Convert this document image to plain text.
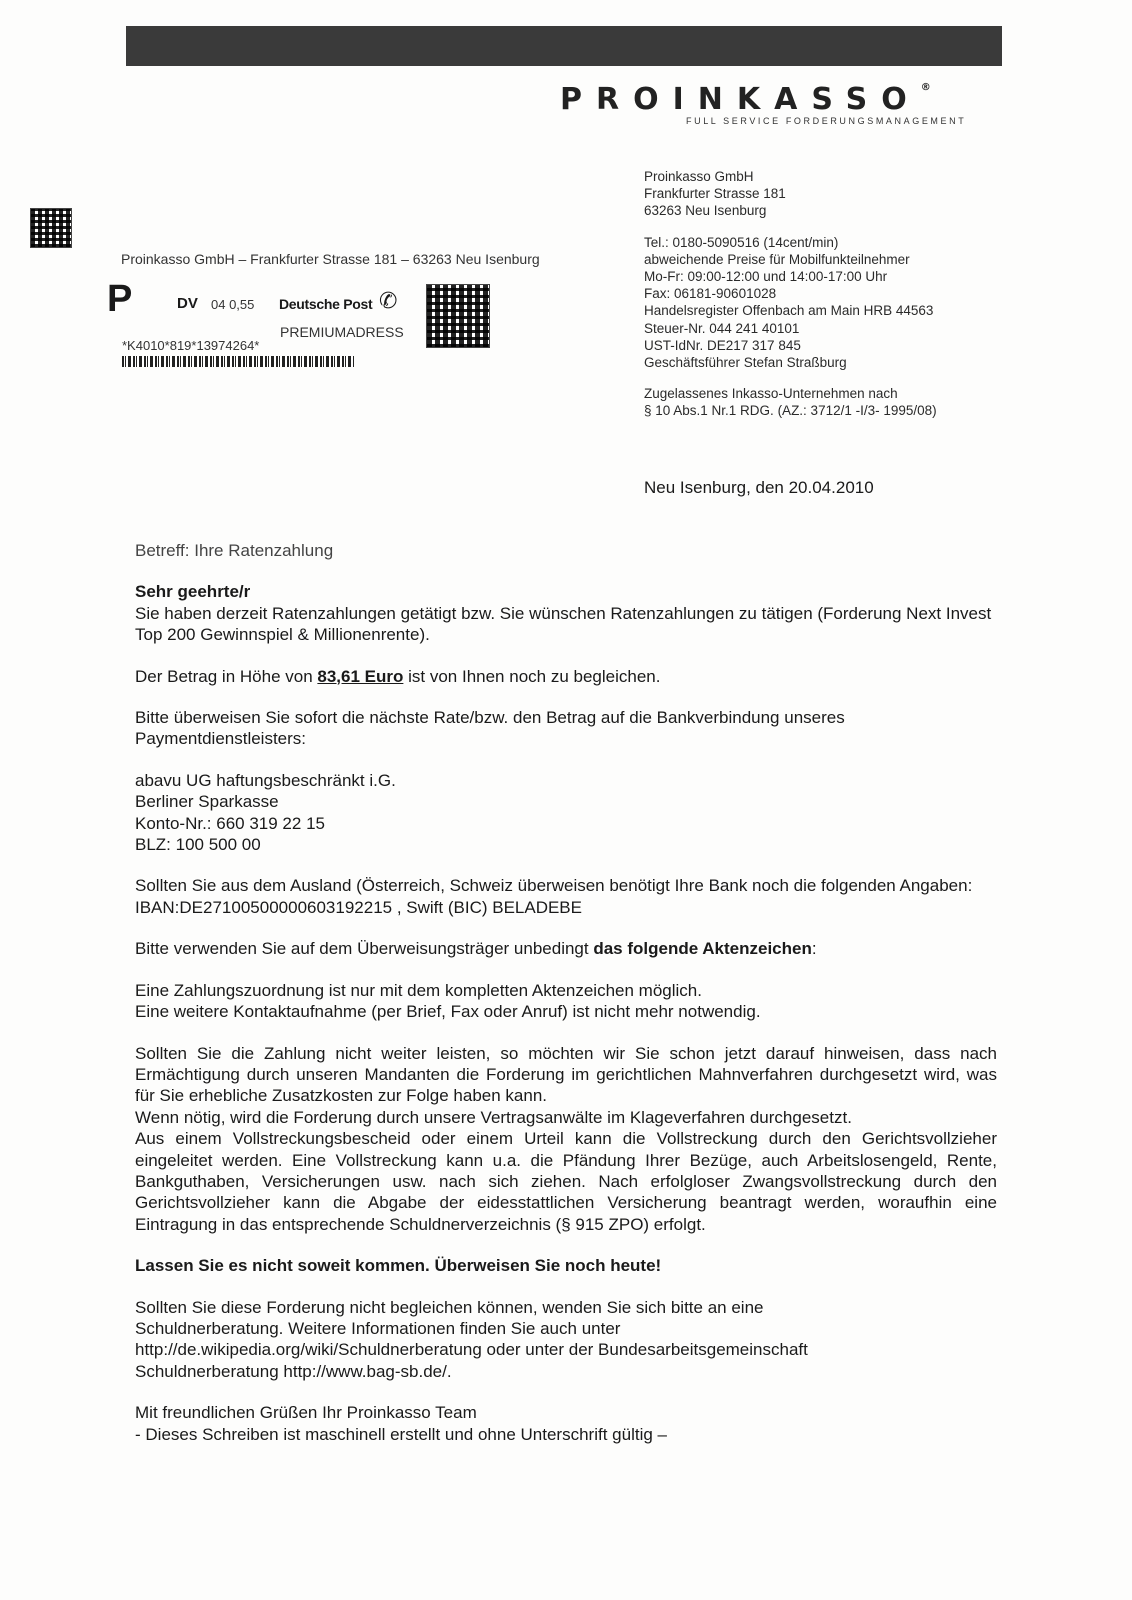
PROINKASSO®
FULL SERVICE FORDERUNGSMANAGEMENT
Proinkasso GmbH – Frankfurter Strasse 181 – 63263 Neu Isenburg
P	DV 04 0,55 Deutsche Post ✆
PREMIUMADRESS
*K4010*819*13974264*
Proinkasso GmbH
Frankfurter Strasse 181
63263 Neu Isenburg
Tel.: 0180-5090516 (14cent/min)
abweichende Preise für Mobilfunkteilnehmer
Mo-Fr: 09:00-12:00 und 14:00-17:00 Uhr
Fax: 06181-90601028
Handelsregister Offenbach am Main HRB 44563
Steuer-Nr. 044 241 40101
UST-IdNr. DE217 317 845
Geschäftsführer Stefan Straßburg
Zugelassenes Inkasso-Unternehmen nach
§ 10 Abs.1 Nr.1 RDG. (AZ.: 3712/1 -I/3- 1995/08)
Neu Isenburg, den 20.04.2010

Betreff: Ihre Ratenzahlung

Sehr geehrte/r

Sie haben derzeit Ratenzahlungen getätigt bzw. Sie wünschen Ratenzahlungen zu tätigen (Forderung Next Invest Top 200 Gewinnspiel & Millionenrente).

Der Betrag in Höhe von 83,61 Euro ist von Ihnen noch zu begleichen.

Bitte überweisen Sie sofort die nächste Rate/bzw. den Betrag auf die Bankverbindung unseres Paymentdienstleisters:

abavu UG haftungsbeschränkt i.G.

Berliner Sparkasse

Konto-Nr.: 660 319 22 15

BLZ: 100 500 00

Sollten Sie aus dem Ausland (Österreich, Schweiz überweisen benötigt Ihre Bank noch die folgenden Angaben: IBAN:DE27100500000603192215 , Swift (BIC) BELADEBE

Bitte verwenden Sie auf dem Überweisungsträger unbedingt das folgende Aktenzeichen:

Eine Zahlungszuordnung ist nur mit dem kompletten Aktenzeichen möglich.

Eine weitere Kontaktaufnahme (per Brief, Fax oder Anruf) ist nicht mehr notwendig.

Sollten Sie die Zahlung nicht weiter leisten, so möchten wir Sie schon jetzt darauf hinweisen, dass nach Ermächtigung durch unseren Mandanten die Forderung im gerichtlichen Mahnverfahren durchgesetzt wird, was für Sie erhebliche Zusatzkosten zur Folge haben kann.

Wenn nötig, wird die Forderung durch unsere Vertragsanwälte im Klageverfahren durchgesetzt.

Aus einem Vollstreckungsbescheid oder einem Urteil kann die Vollstreckung durch den Gerichtsvollzieher eingeleitet werden. Eine Vollstreckung kann u.a. die Pfändung Ihrer Bezüge, auch Arbeitslosengeld, Rente, Bankguthaben, Versicherungen usw. nach sich ziehen. Nach erfolgloser Zwangsvollstreckung durch den Gerichtsvollzieher kann die Abgabe der eidesstattlichen Versicherung beantragt werden, woraufhin eine Eintragung in das entsprechende Schuldnerverzeichnis (§ 915 ZPO) erfolgt.

Lassen Sie es nicht soweit kommen. Überweisen Sie noch heute!

Sollten Sie diese Forderung nicht begleichen können, wenden Sie sich bitte an eine

Schuldnerberatung. Weitere Informationen finden Sie auch unter

http://de.wikipedia.org/wiki/Schuldnerberatung oder unter der Bundesarbeitsgemeinschaft

Schuldnerberatung http://www.bag-sb.de/.

Mit freundlichen Grüßen Ihr Proinkasso Team

- Dieses Schreiben ist maschinell erstellt und ohne Unterschrift gültig –
